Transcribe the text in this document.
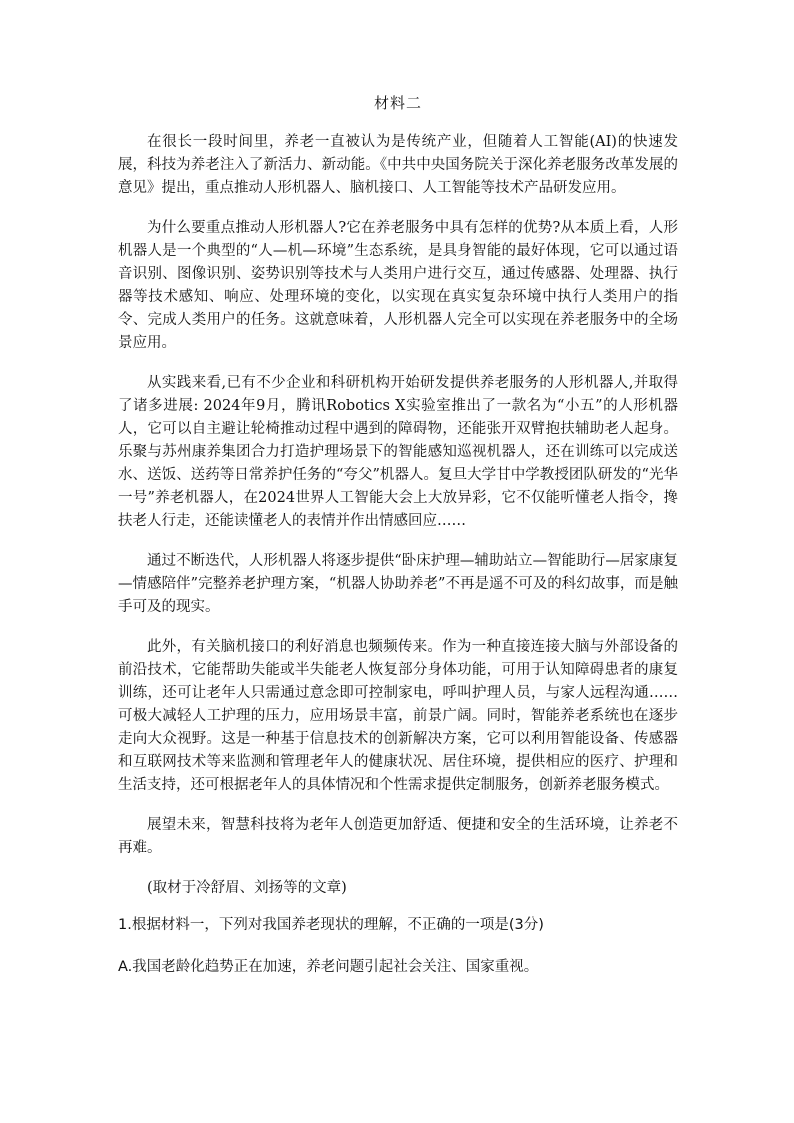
材料二

在很长一段时间里，养老一直被认为是传统产业，但随着人工智能(AI)的快速发展，科技为养老注入了新活力、新动能。《中共中央国务院关于深化养老服务改革发展的意见》提出，重点推动人形机器人、脑机接口、人工智能等技术产品研发应用。

为什么要重点推动人形机器人?它在养老服务中具有怎样的优势?从本质上看，人形机器人是一个典型的“人—机—环境”生态系统，是具身智能的最好体现，它可以通过语音识别、图像识别、姿势识别等技术与人类用户进行交互，通过传感器、处理器、执行器等技术感知、响应、处理环境的变化，以实现在真实复杂环境中执行人类用户的指令、完成人类用户的任务。这就意味着，人形机器人完全可以实现在养老服务中的全场景应用。

从实践来看,已有不少企业和科研机构开始研发提供养老服务的人形机器人,并取得了诸多进展: 2024年9月，腾讯Robotics X实验室推出了一款名为“小五”的人形机器人，它可以自主避让轮椅推动过程中遇到的障碍物，还能张开双臂抱扶辅助老人起身。乐聚与苏州康养集团合力打造护理场景下的智能感知巡视机器人，还在训练可以完成送水、送饭、送药等日常养护任务的“夸父”机器人。复旦大学甘中学教授团队研发的“光华一号”养老机器人，在2024世界人工智能大会上大放异彩，它不仅能听懂老人指令，搀扶老人行走，还能读懂老人的表情并作出情感回应……

通过不断迭代，人形机器人将逐步提供“卧床护理—辅助站立—智能助行—居家康复—情感陪伴”完整养老护理方案，“机器人协助养老”不再是遥不可及的科幻故事，而是触手可及的现实。

此外，有关脑机接口的利好消息也频频传来。作为一种直接连接大脑与外部设备的前沿技术，它能帮助失能或半失能老人恢复部分身体功能，可用于认知障碍患者的康复训练，还可让老年人只需通过意念即可控制家电，呼叫护理人员，与家人远程沟通……可极大减轻人工护理的压力，应用场景丰富，前景广阔。同时，智能养老系统也在逐步走向大众视野。这是一种基于信息技术的创新解决方案，它可以利用智能设备、传感器和互联网技术等来监测和管理老年人的健康状况、居住环境，提供相应的医疗、护理和生活支持，还可根据老年人的具体情况和个性需求提供定制服务，创新养老服务模式。

展望未来，智慧科技将为老年人创造更加舒适、便捷和安全的生活环境，让养老不再难。

(取材于冷舒眉、刘扬等的文章)

1.根据材料一，下列对我国养老现状的理解，不正确的一项是(3分)

A.我国老龄化趋势正在加速，养老问题引起社会关注、国家重视。
